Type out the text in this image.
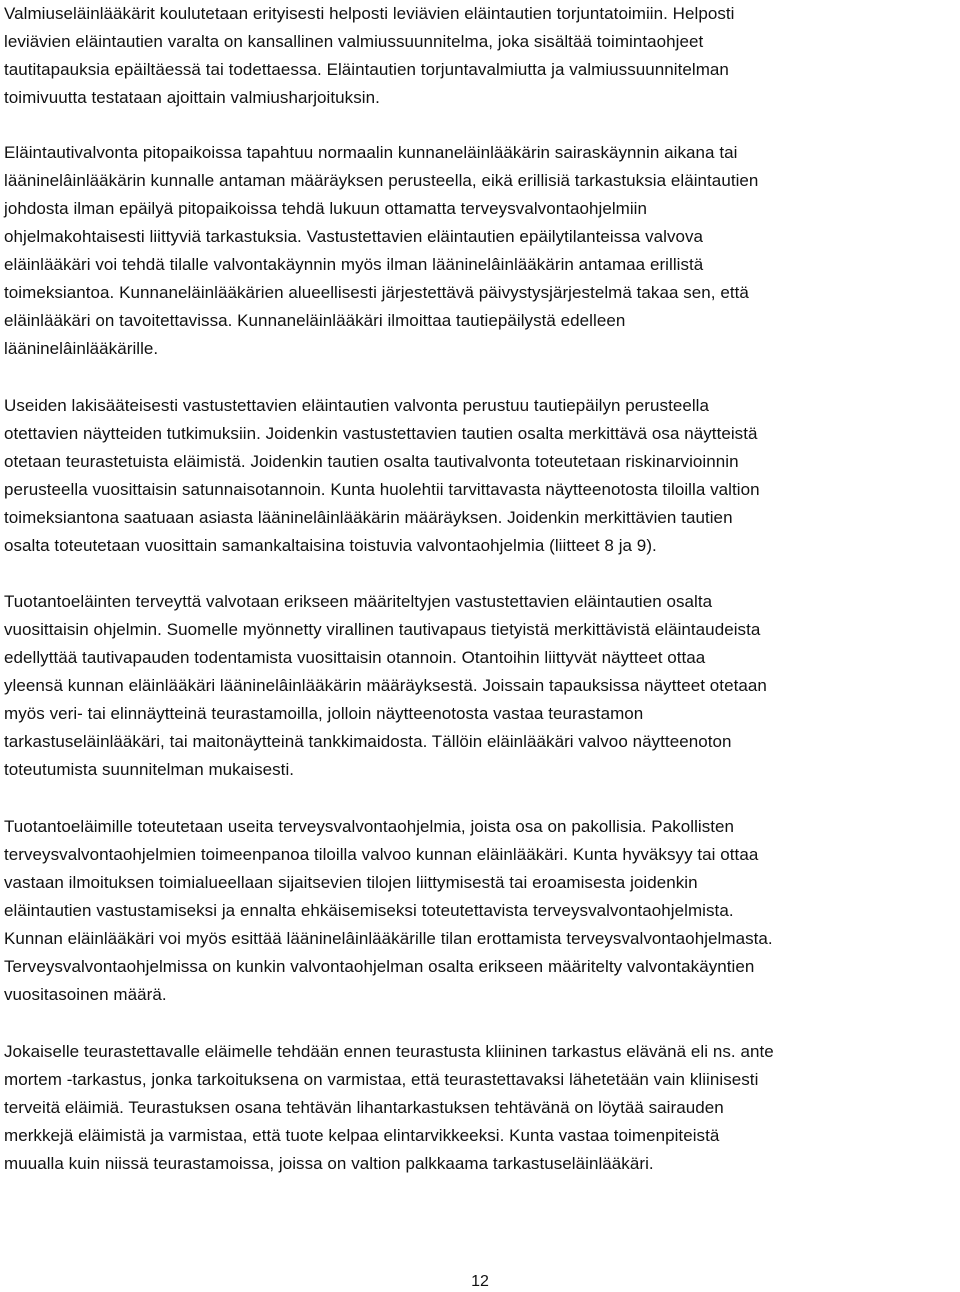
Valmiuseläinlääkärit koulutetaan erityisesti helposti leviävien eläintautien torjuntatoimiin. Helposti
leviävien eläintautien varalta on kansallinen valmiussuunnitelma, joka sisältää toimintaohjeet
tautitapauksia epäiltäessä tai todettaessa. Eläintautien torjuntavalmiutta ja valmiussuunnitelman
toimivuutta testataan ajoittain valmiusharjoituksin.
Eläintautivalvonta pitopaikoissa tapahtuu normaalin kunnaneläinlääkärin sairaskäynnin aikana tai
lääninelâinlääkärin kunnalle antaman määräyksen perusteella, eikä erillisiä tarkastuksia eläintautien
johdosta ilman epäilyä pitopaikoissa tehdä lukuun ottamatta terveysvalvontaohjelmiin
ohjelmakohtaisesti liittyviä tarkastuksia. Vastustettavien eläintautien epäilytilanteissa valvova
eläinlääkäri voi tehdä tilalle valvontakäynnin myös ilman lääninelâinlääkärin antamaa erillistä
toimeksiantoa. Kunnaneläinlääkärien alueellisesti järjestettävä päivystysjärjestelmä takaa sen, että
eläinlääkäri on tavoitettavissa. Kunnaneläinlääkäri ilmoittaa tautiepäilystä edelleen
lääninelâinlääkärille.
Useiden lakisääteisesti vastustettavien eläintautien valvonta perustuu tautiepäilyn perusteella
otettavien näytteiden tutkimuksiin. Joidenkin vastustettavien tautien osalta merkittävä osa näytteistä
otetaan teurastetuista eläimistä. Joidenkin tautien osalta tautivalvonta toteutetaan riskinarvioinnin
perusteella vuosittaisin satunnaisotannoin. Kunta huolehtii tarvittavasta näytteenotosta tiloilla valtion
toimeksiantona saatuaan asiasta lääninelâinlääkärin määräyksen. Joidenkin merkittävien tautien
osalta toteutetaan vuosittain samankaltaisina toistuvia valvontaohjelmia (liitteet 8 ja 9).
Tuotantoeläinten terveyttä valvotaan erikseen määriteltyjen vastustettavien eläintautien osalta
vuosittaisin ohjelmin. Suomelle myönnetty virallinen tautivapaus tietyistä merkittävistä eläintaudeista
edellyttää tautivapauden todentamista vuosittaisin otannoin. Otantoihin liittyvät näytteet ottaa
yleensä kunnan eläinlääkäri lääninelâinlääkärin määräyksestä. Joissain tapauksissa näytteet otetaan
myös veri- tai elinnäytteinä teurastamoilla, jolloin näytteenotosta vastaa teurastamon
tarkastuseläinlääkäri, tai maitonäytteinä tankkimaidosta. Tällöin eläinlääkäri valvoo näytteenoton
toteutumista suunnitelman mukaisesti.
Tuotantoeläimille toteutetaan useita terveysvalvontaohjelmia, joista osa on pakollisia. Pakollisten
terveysvalvontaohjelmien toimeenpanoa tiloilla valvoo kunnan eläinlääkäri. Kunta hyväksyy tai ottaa
vastaan ilmoituksen toimialueellaan sijaitsevien tilojen liittymisestä tai eroamisesta joidenkin
eläintautien vastustamiseksi ja ennalta ehkäisemiseksi toteutettavista terveysvalvontaohjelmista.
Kunnan eläinlääkäri voi myös esittää lääninelâinlääkärille tilan erottamista terveysvalvontaohjelmasta.
Terveysvalvontaohjelmissa on kunkin valvontaohjelman osalta erikseen määritelty valvontakäyntien
vuositasoinen määrä.
Jokaiselle teurastettavalle eläimelle tehdään ennen teurastusta kliininen tarkastus elävänä eli ns. ante
mortem -tarkastus, jonka tarkoituksena on varmistaa, että teurastettavaksi lähetetään vain kliinisesti
terveitä eläimiä. Teurastuksen osana tehtävän lihantarkastuksen tehtävänä on löytää sairauden
merkkejä eläimistä ja varmistaa, että tuote kelpaa elintarvikkeeksi. Kunta vastaa toimenpiteistä
muualla kuin niissä teurastamoissa, joissa on valtion palkkaama tarkastuseläinlääkäri.
12
